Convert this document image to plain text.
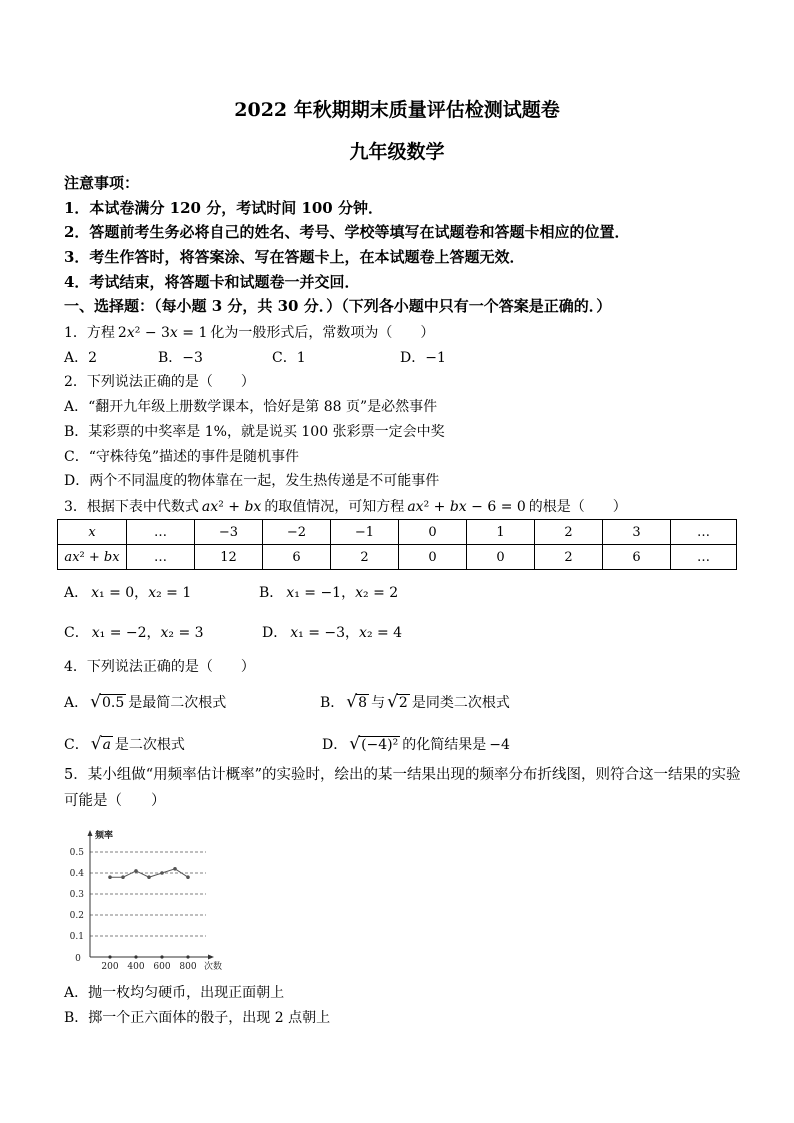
2022 年秋期期末质量评估检测试题卷
九年级数学
注意事项：
1．本试卷满分 120 分，考试时间 100 分钟．
2．答题前考生务必将自己的姓名、考号、学校等填写在试题卷和答题卡相应的位置．
3．考生作答时，将答案涂、写在答题卡上，在本试题卷上答题无效．
4．考试结束，将答题卡和试题卷一并交回．
一、选择题：（每小题 3 分，共 30 分．）（下列各小题中只有一个答案是正确的．）
1．方程 2x² − 3x = 1 化为一般形式后，常数项为（　　）
A．2	B．−3	C．1	D．−1
2．下列说法正确的是（　　）
A．“翻开九年级上册数学课本，恰好是第 88 页”是必然事件
B．某彩票的中奖率是 1%，就是说买 100 张彩票一定会中奖
C．“守株待兔”描述的事件是随机事件
D．两个不同温度的物体靠在一起，发生热传递是不可能事件
3．根据下表中代数式 ax² + bx 的取值情况，可知方程 ax² + bx − 6 = 0 的根是（　　）
x	…	−3	−2	−1	0	1	2	3	…
ax² + bx	…	12	6	2	0	0	2	6	…
A． x₁ = 0，x₂ = 1	B． x₁ = −1，x₂ = 2
C． x₁ = −2，x₂ = 3	D． x₁ = −3，x₂ = 4
4．下列说法正确的是（　　）
A． √0.5 是最简二次根式	B． √8 与 √2 是同类二次根式
C． √a 是二次根式	D． √(−4)² 的化简结果是 −4
5．某小组做“用频率估计概率”的实验时，绘出的某一结果出现的频率分布折线图，则符合这一结果的实验
可能是（　　）
0.1
0.2
0.3
0.4
0.5
0
频率
次数
200 400 600 800
A．抛一枚均匀硬币，出现正面朝上
B．掷一个正六面体的骰子，出现 2 点朝上
